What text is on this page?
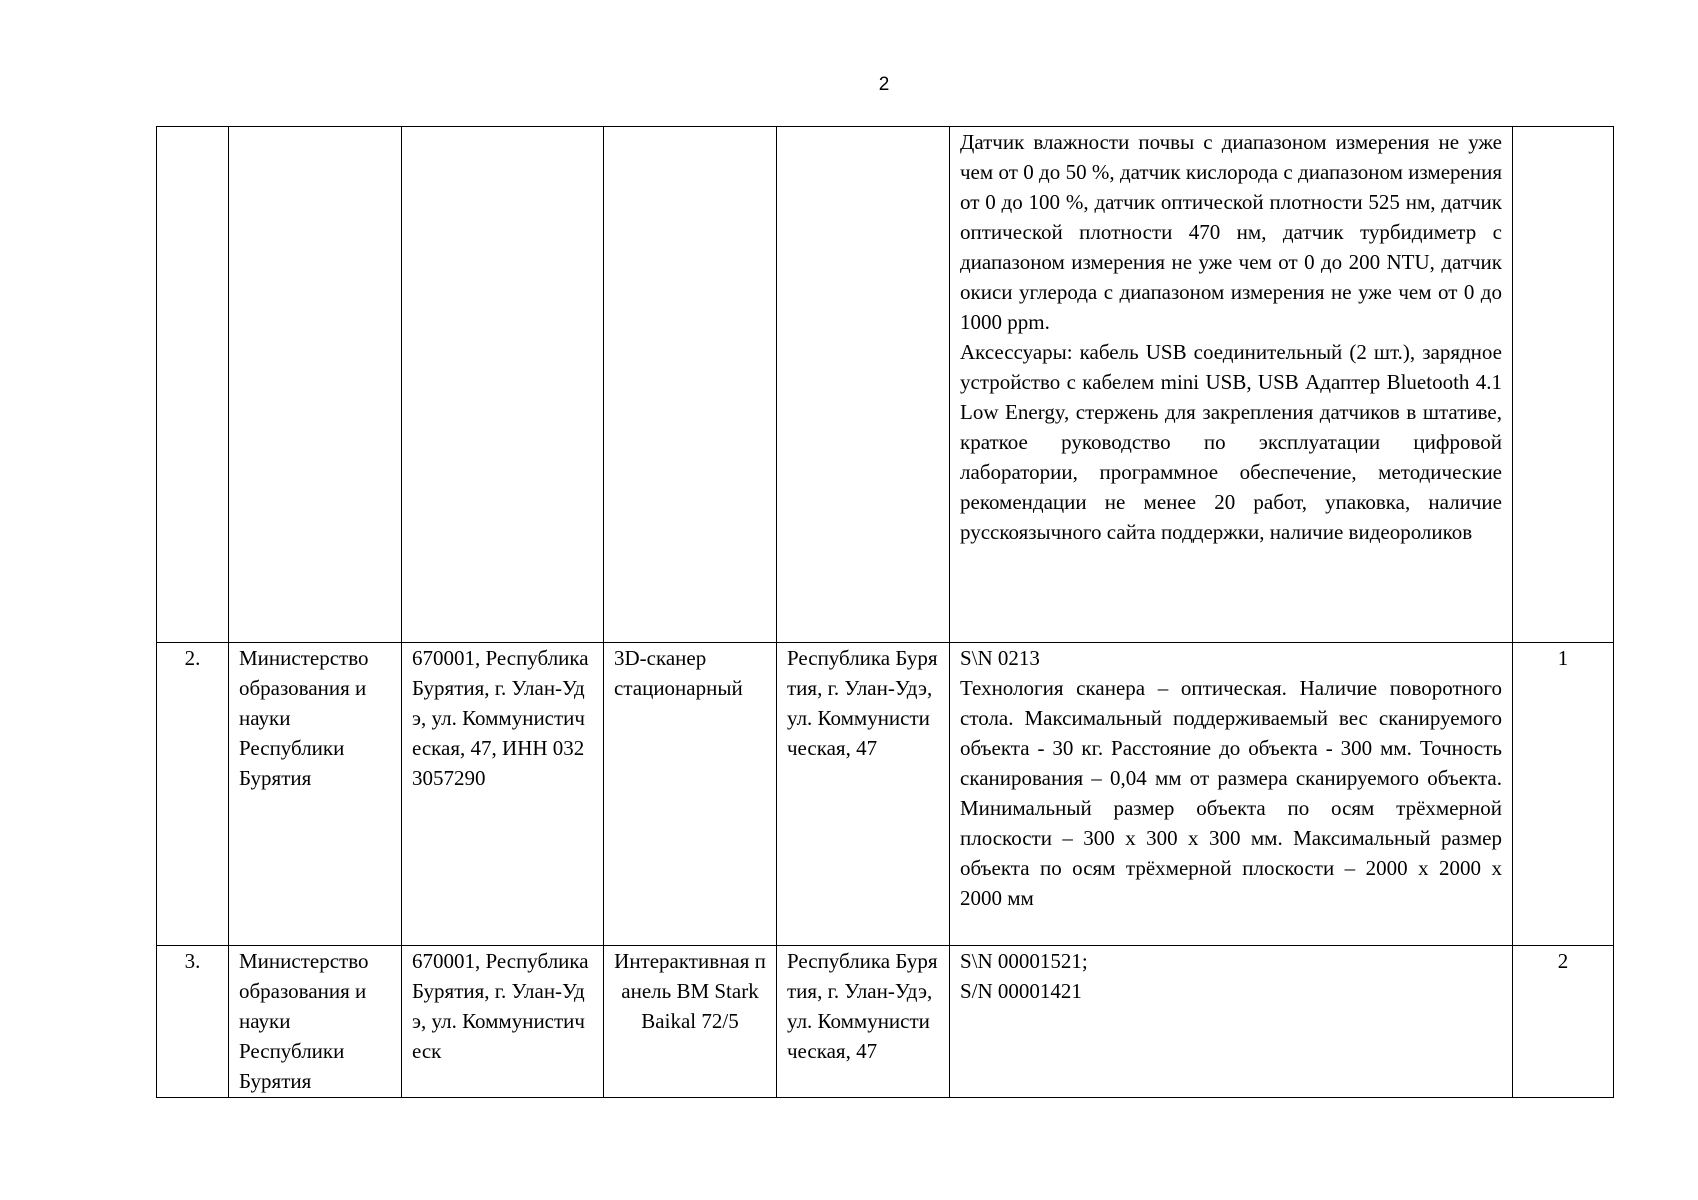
2

					Датчик влажности почвы с диапазоном измерения не уже чем от 0 до 50 %, датчик кислорода с диапазоном измерения от 0 до 100 %, датчик оптической плотности 525 нм, датчик оптической плотности 470 нм, датчик турбидиметр с диапазоном измерения не уже чем от 0 до 200 NTU, датчик окиси углерода с диапазоном измерения не уже чем от 0 до 1000 ppm.

Аксессуары: кабель USB соединительный (2 шт.), зарядное устройство с кабелем mini USB, USB Адаптер Bluetooth 4.1 Low Energy, стержень для закрепления датчиков в штативе, краткое руководство по эксплуатации цифровой лаборатории, программное обеспечение, методические рекомендации не менее 20 работ, упаковка, наличие русскоязычного сайта поддержки, наличие видеороликов	

2.	Министерство образования и науки Республики Бурятия	670001, Республика Бурятия, г. Улан-Удэ, ул. Коммунистическая, 47, ИНН 0323057290	3D-сканер стационарный	Республика Бурятия, г. Улан-Удэ, ул. Коммунистическая, 47	S\N 0213

Технология сканера – оптическая. Наличие поворотного стола. Максимальный поддерживаемый вес сканируемого объекта - 30 кг. Расстояние до объекта - 300 мм. Точность сканирования – 0,04 мм от размера сканируемого объекта. Минимальный размер объекта по осям трёхмерной плоскости – 300 х 300 х 300 мм. Максимальный размер объекта по осям трёхмерной плоскости – 2000 х 2000 х 2000 мм	1
3.	Министерство образования и науки Республики Бурятия	670001, Республика Бурятия, г. Улан-Удэ, ул. Коммунистическ	Интерактивная панель BM Stark Baikal 72/5	Республика Бурятия, г. Улан-Удэ, ул. Коммунистическая, 47	S\N 00001521;
S/N 00001421	2
